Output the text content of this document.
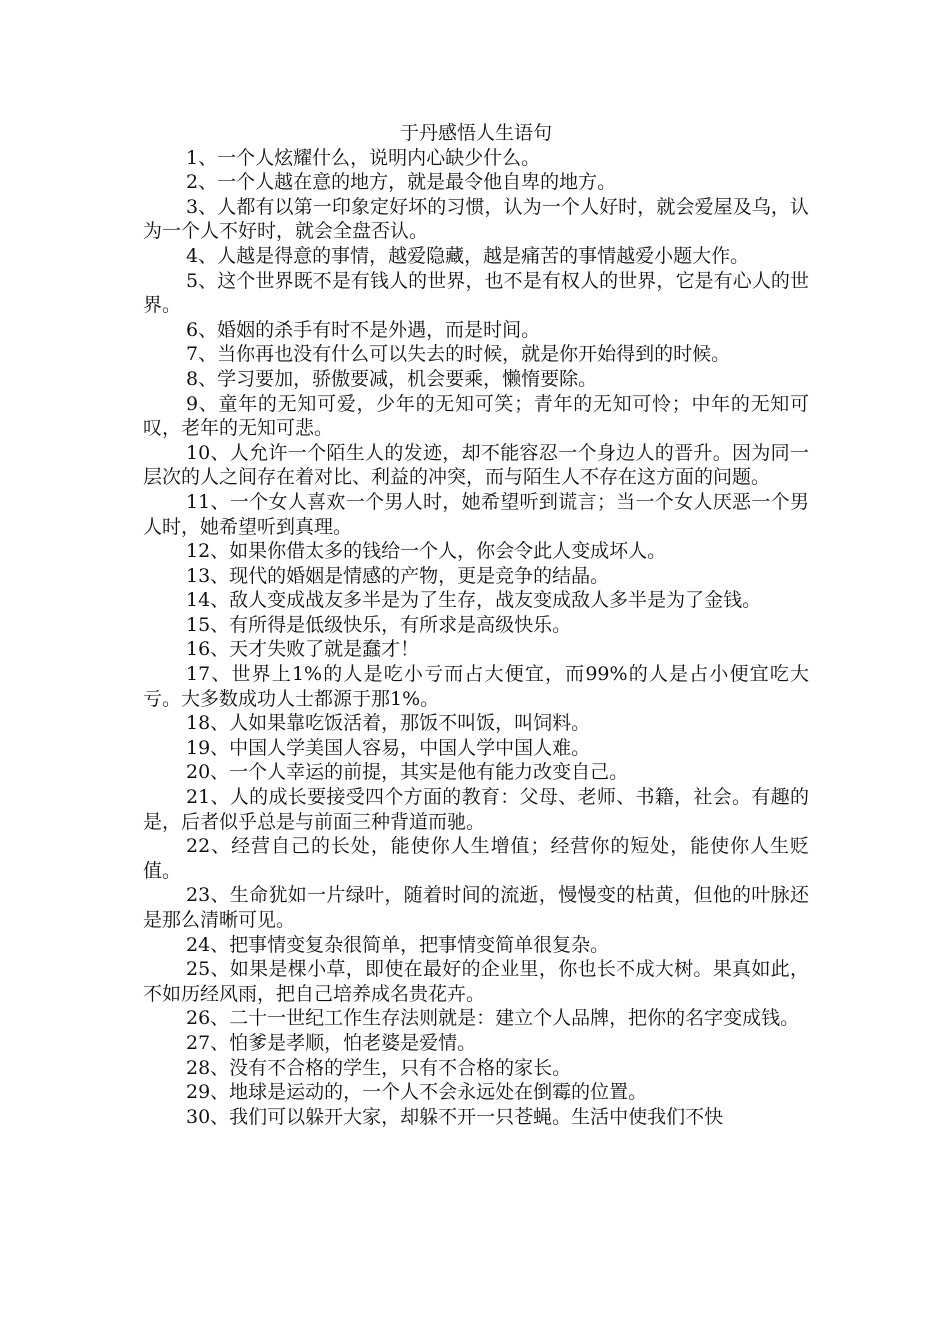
于丹感悟人生语句

1、一个人炫耀什么，说明内心缺少什么。

2、一个人越在意的地方，就是最令他自卑的地方。

3、人都有以第一印象定好坏的习惯，认为一个人好时，就会爱屋及乌，认为一个人不好时，就会全盘否认。

4、人越是得意的事情，越爱隐藏，越是痛苦的事情越爱小题大作。

5、这个世界既不是有钱人的世界，也不是有权人的世界，它是有心人的世界。

6、婚姻的杀手有时不是外遇，而是时间。

7、当你再也没有什么可以失去的时候，就是你开始得到的时候。

8、学习要加，骄傲要减，机会要乘，懒惰要除。

9、童年的无知可爱，少年的无知可笑；青年的无知可怜；中年的无知可叹，老年的无知可悲。

10、人允许一个陌生人的发迹，却不能容忍一个身边人的晋升。因为同一层次的人之间存在着对比、利益的冲突，而与陌生人不存在这方面的问题。

11、一个女人喜欢一个男人时，她希望听到谎言；当一个女人厌恶一个男人时，她希望听到真理。

12、如果你借太多的钱给一个人，你会令此人变成坏人。

13、现代的婚姻是情感的产物，更是竞争的结晶。

14、敌人变成战友多半是为了生存，战友变成敌人多半是为了金钱。

15、有所得是低级快乐，有所求是高级快乐。

16、天才失败了就是蠢才！

17、世界上1%的人是吃小亏而占大便宜，而99%的人是占小便宜吃大亏。大多数成功人士都源于那1%。

18、人如果靠吃饭活着，那饭不叫饭，叫饲料。

19、中国人学美国人容易，中国人学中国人难。

20、一个人幸运的前提，其实是他有能力改变自己。

21、人的成长要接受四个方面的教育：父母、老师、书籍，社会。有趣的是，后者似乎总是与前面三种背道而驰。

22、经营自己的长处，能使你人生增值；经营你的短处，能使你人生贬值。

23、生命犹如一片绿叶，随着时间的流逝，慢慢变的枯黄，但他的叶脉还是那么清晰可见。

24、把事情变复杂很简单，把事情变简单很复杂。

25、如果是棵小草，即使在最好的企业里，你也长不成大树。果真如此，不如历经风雨，把自己培养成名贵花卉。

26、二十一世纪工作生存法则就是：建立个人品牌，把你的名字变成钱。

27、怕爹是孝顺，怕老婆是爱情。

28、没有不合格的学生，只有不合格的家长。

29、地球是运动的，一个人不会永远处在倒霉的位置。

30、我们可以躲开大家，却躲不开一只苍蝇。生活中使我们不快
